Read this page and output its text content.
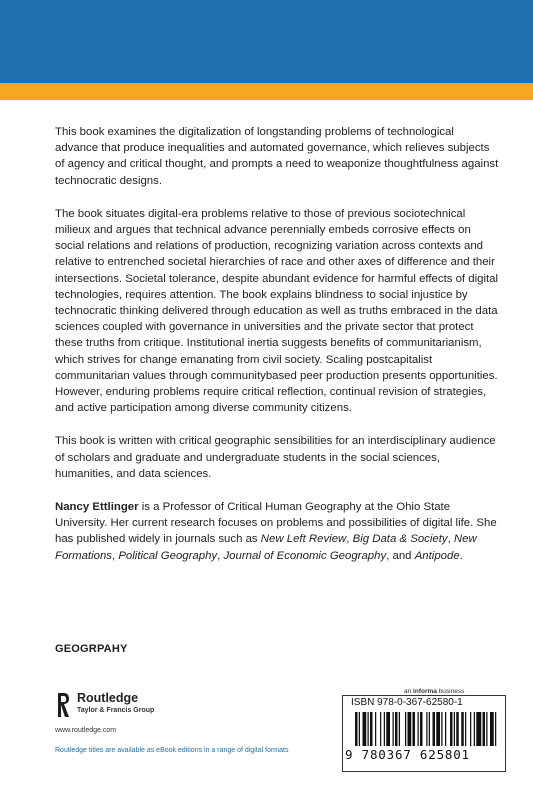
This book examines the digitalization of longstanding problems of technological advance that produce inequalities and automated governance, which relieves subjects of agency and critical thought, and prompts a need to weaponize thoughtfulness against technocratic designs.

The book situates digital-era problems relative to those of previous sociotechnical milieux and argues that technical advance perennially embeds corrosive effects on social relations and relations of production, recognizing variation across contexts and relative to entrenched societal hierarchies of race and other axes of difference and their intersections. Societal tolerance, despite abundant evidence for harmful effects of digital technologies, requires attention. The book explains blindness to social injustice by technocratic thinking delivered through education as well as truths embraced in the data sciences coupled with governance in universities and the private sector that protect these truths from critique. Institutional inertia suggests benefits of communitarianism, which strives for change emanating from civil society. Scaling postcapitalist communitarian values through communitybased peer production presents opportunities. However, enduring problems require critical reflection, continual revision of strategies, and active participation among diverse community citizens.

This book is written with critical geographic sensibilities for an interdisciplinary audience of scholars and graduate and undergraduate students in the social sciences, humanities, and data sciences.

Nancy Ettlinger is a Professor of Critical Human Geography at the Ohio State University. Her current research focuses on problems and possibilities of digital life. She has published widely in journals such as New Left Review, Big Data & Society, New Formations, Political Geography, Journal of Economic Geography, and Antipode.

GEOGRPAHY
Routledge
Taylor & Francis Group
www.routledge.com
Routledge titles are available as eBook editions in a range of digital formats
an informa business
ISBN 978-0-367-62580-1
9 780367 625801
